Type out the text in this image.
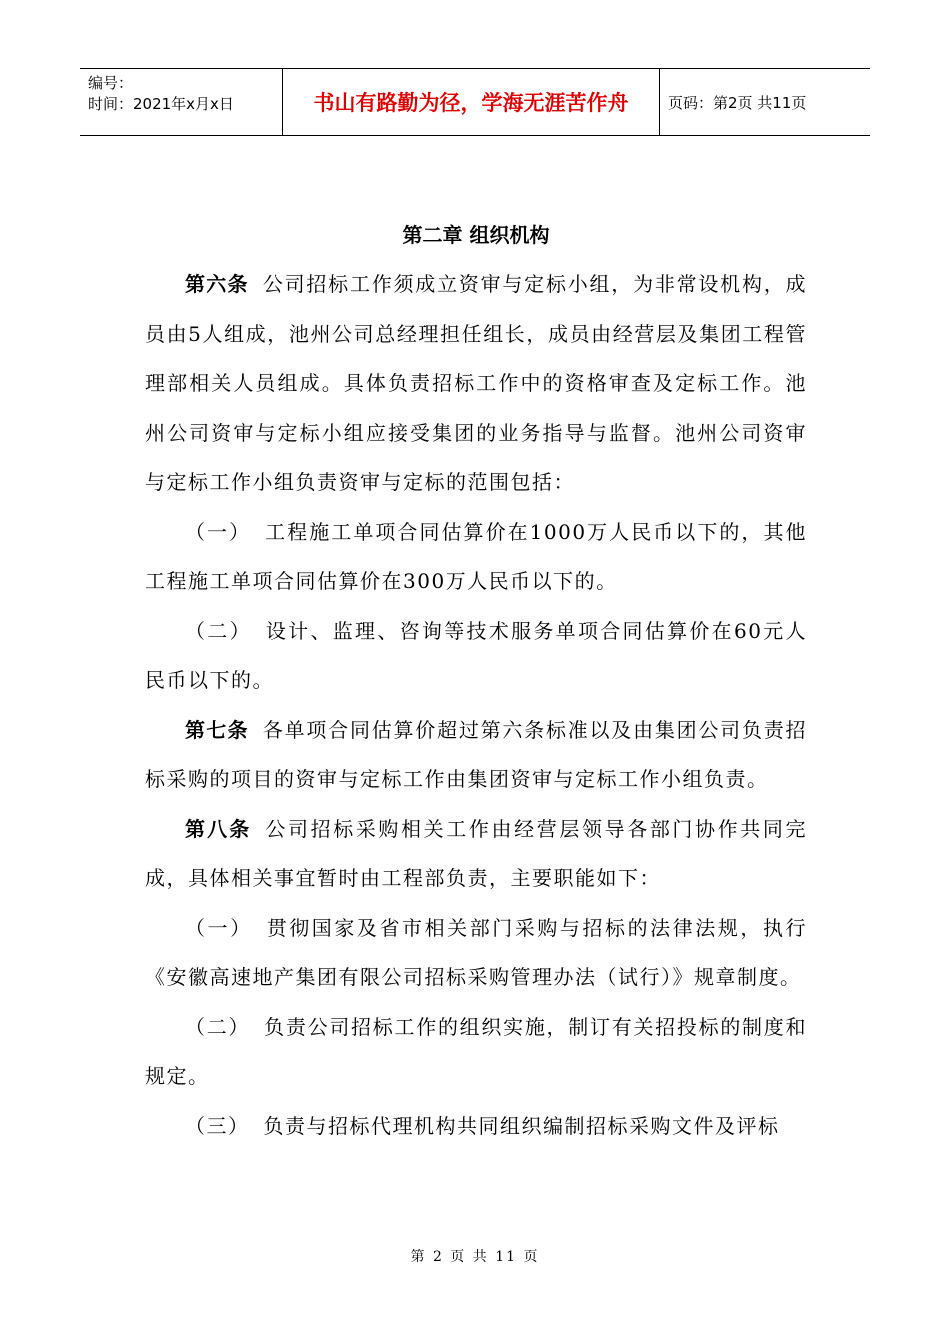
编号：
时间：2021年x月x日	书山有路勤为径，学海无涯苦作舟	页码：第2页 共11页
第二章 组织机构

第六条 公司招标工作须成立资审与定标小组，为非常设机构，成员由5人组成，池州公司总经理担任组长，成员由经营层及集团工程管理部相关人员组成。具体负责招标工作中的资格审查及定标工作。池州公司资审与定标小组应接受集团的业务指导与监督。池州公司资审与定标工作小组负责资审与定标的范围包括：

（一） 工程施工单项合同估算价在1000万人民币以下的，其他工程施工单项合同估算价在300万人民币以下的。

（二） 设计、监理、咨询等技术服务单项合同估算价在60元人民币以下的。

第七条 各单项合同估算价超过第六条标准以及由集团公司负责招标采购的项目的资审与定标工作由集团资审与定标工作小组负责。

第八条 公司招标采购相关工作由经营层领导各部门协作共同完成，具体相关事宜暂时由工程部负责，主要职能如下：

（一） 贯彻国家及省市相关部门采购与招标的法律法规，执行《安徽高速地产集团有限公司招标采购管理办法（试行）》规章制度。

（二） 负责公司招标工作的组织实施，制订有关招投标的制度和规定。

（三） 负责与招标代理机构共同组织编制招标采购文件及评标

第 2 页 共 11 页
